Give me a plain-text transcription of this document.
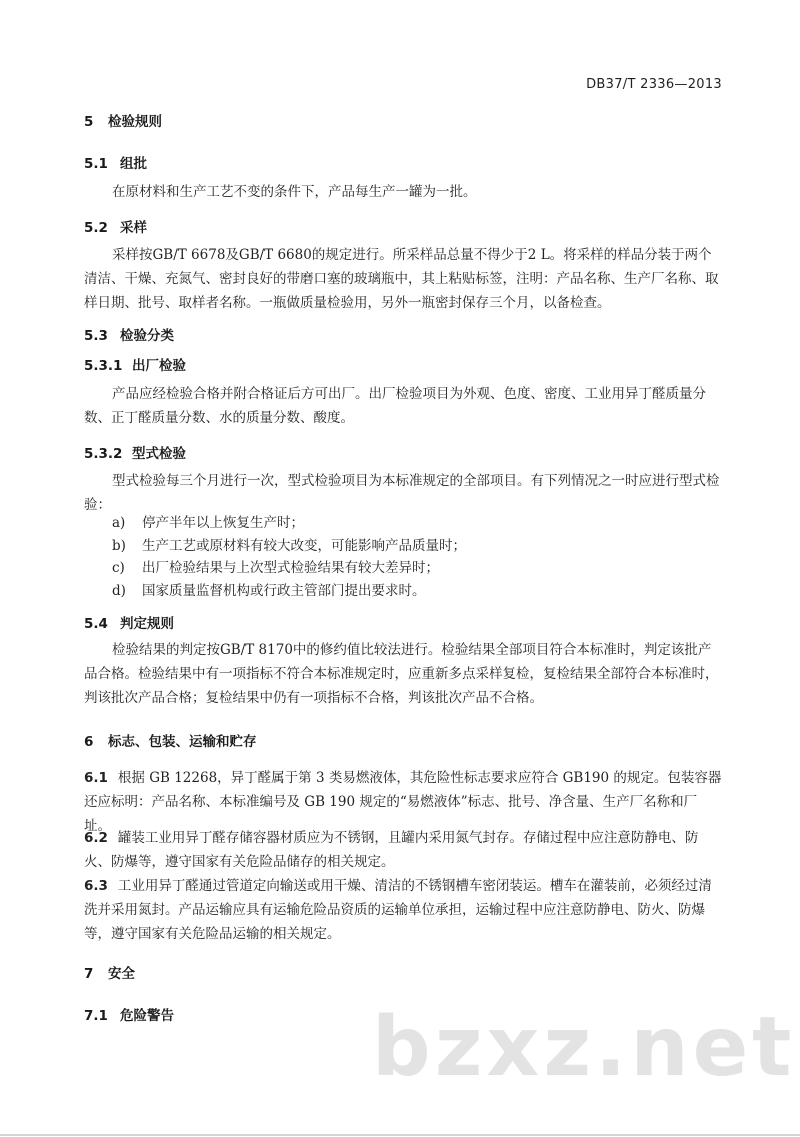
DB37/T 2336—2013
5 检验规则
5.1 组批
在原材料和生产工艺不变的条件下，产品每生产一罐为一批。
5.2 采样
采样按GB/T 6678及GB/T 6680的规定进行。所采样品总量不得少于2 L。将采样的样品分装于两个清洁、干燥、充氮气、密封良好的带磨口塞的玻璃瓶中，其上粘贴标签，注明：产品名称、生产厂名称、取样日期、批号、取样者名称。一瓶做质量检验用，另外一瓶密封保存三个月，以备检查。
5.3 检验分类
5.3.1 出厂检验
产品应经检验合格并附合格证后方可出厂。出厂检验项目为外观、色度、密度、工业用异丁醛质量分数、正丁醛质量分数、水的质量分数、酸度。
5.3.2 型式检验
型式检验每三个月进行一次，型式检验项目为本标准规定的全部项目。有下列情况之一时应进行型式检验：
a) 停产半年以上恢复生产时；
b) 生产工艺或原材料有较大改变，可能影响产品质量时；
c) 出厂检验结果与上次型式检验结果有较大差异时；
d) 国家质量监督机构或行政主管部门提出要求时。
5.4 判定规则
检验结果的判定按GB/T 8170中的修约值比较法进行。检验结果全部项目符合本标准时，判定该批产品合格。检验结果中有一项指标不符合本标准规定时，应重新多点采样复检，复检结果全部符合本标准时，判该批次产品合格；复检结果中仍有一项指标不合格，判该批次产品不合格。
6 标志、包装、运输和贮存
6.1 根据 GB 12268，异丁醛属于第 3 类易燃液体，其危险性标志要求应符合 GB190 的规定。包装容器还应标明：产品名称、本标准编号及 GB 190 规定的“易燃液体”标志、批号、净含量、生产厂名称和厂址。
6.2 罐装工业用异丁醛存储容器材质应为不锈钢，且罐内采用氮气封存。存储过程中应注意防静电、防火、防爆等，遵守国家有关危险品储存的相关规定。
6.3 工业用异丁醛通过管道定向输送或用干燥、清洁的不锈钢槽车密闭装运。槽车在灌装前，必须经过清洗并采用氮封。产品运输应具有运输危险品资质的运输单位承担，运输过程中应注意防静电、防火、防爆等，遵守国家有关危险品运输的相关规定。
7 安全
7.1 危险警告 bzxz.net
